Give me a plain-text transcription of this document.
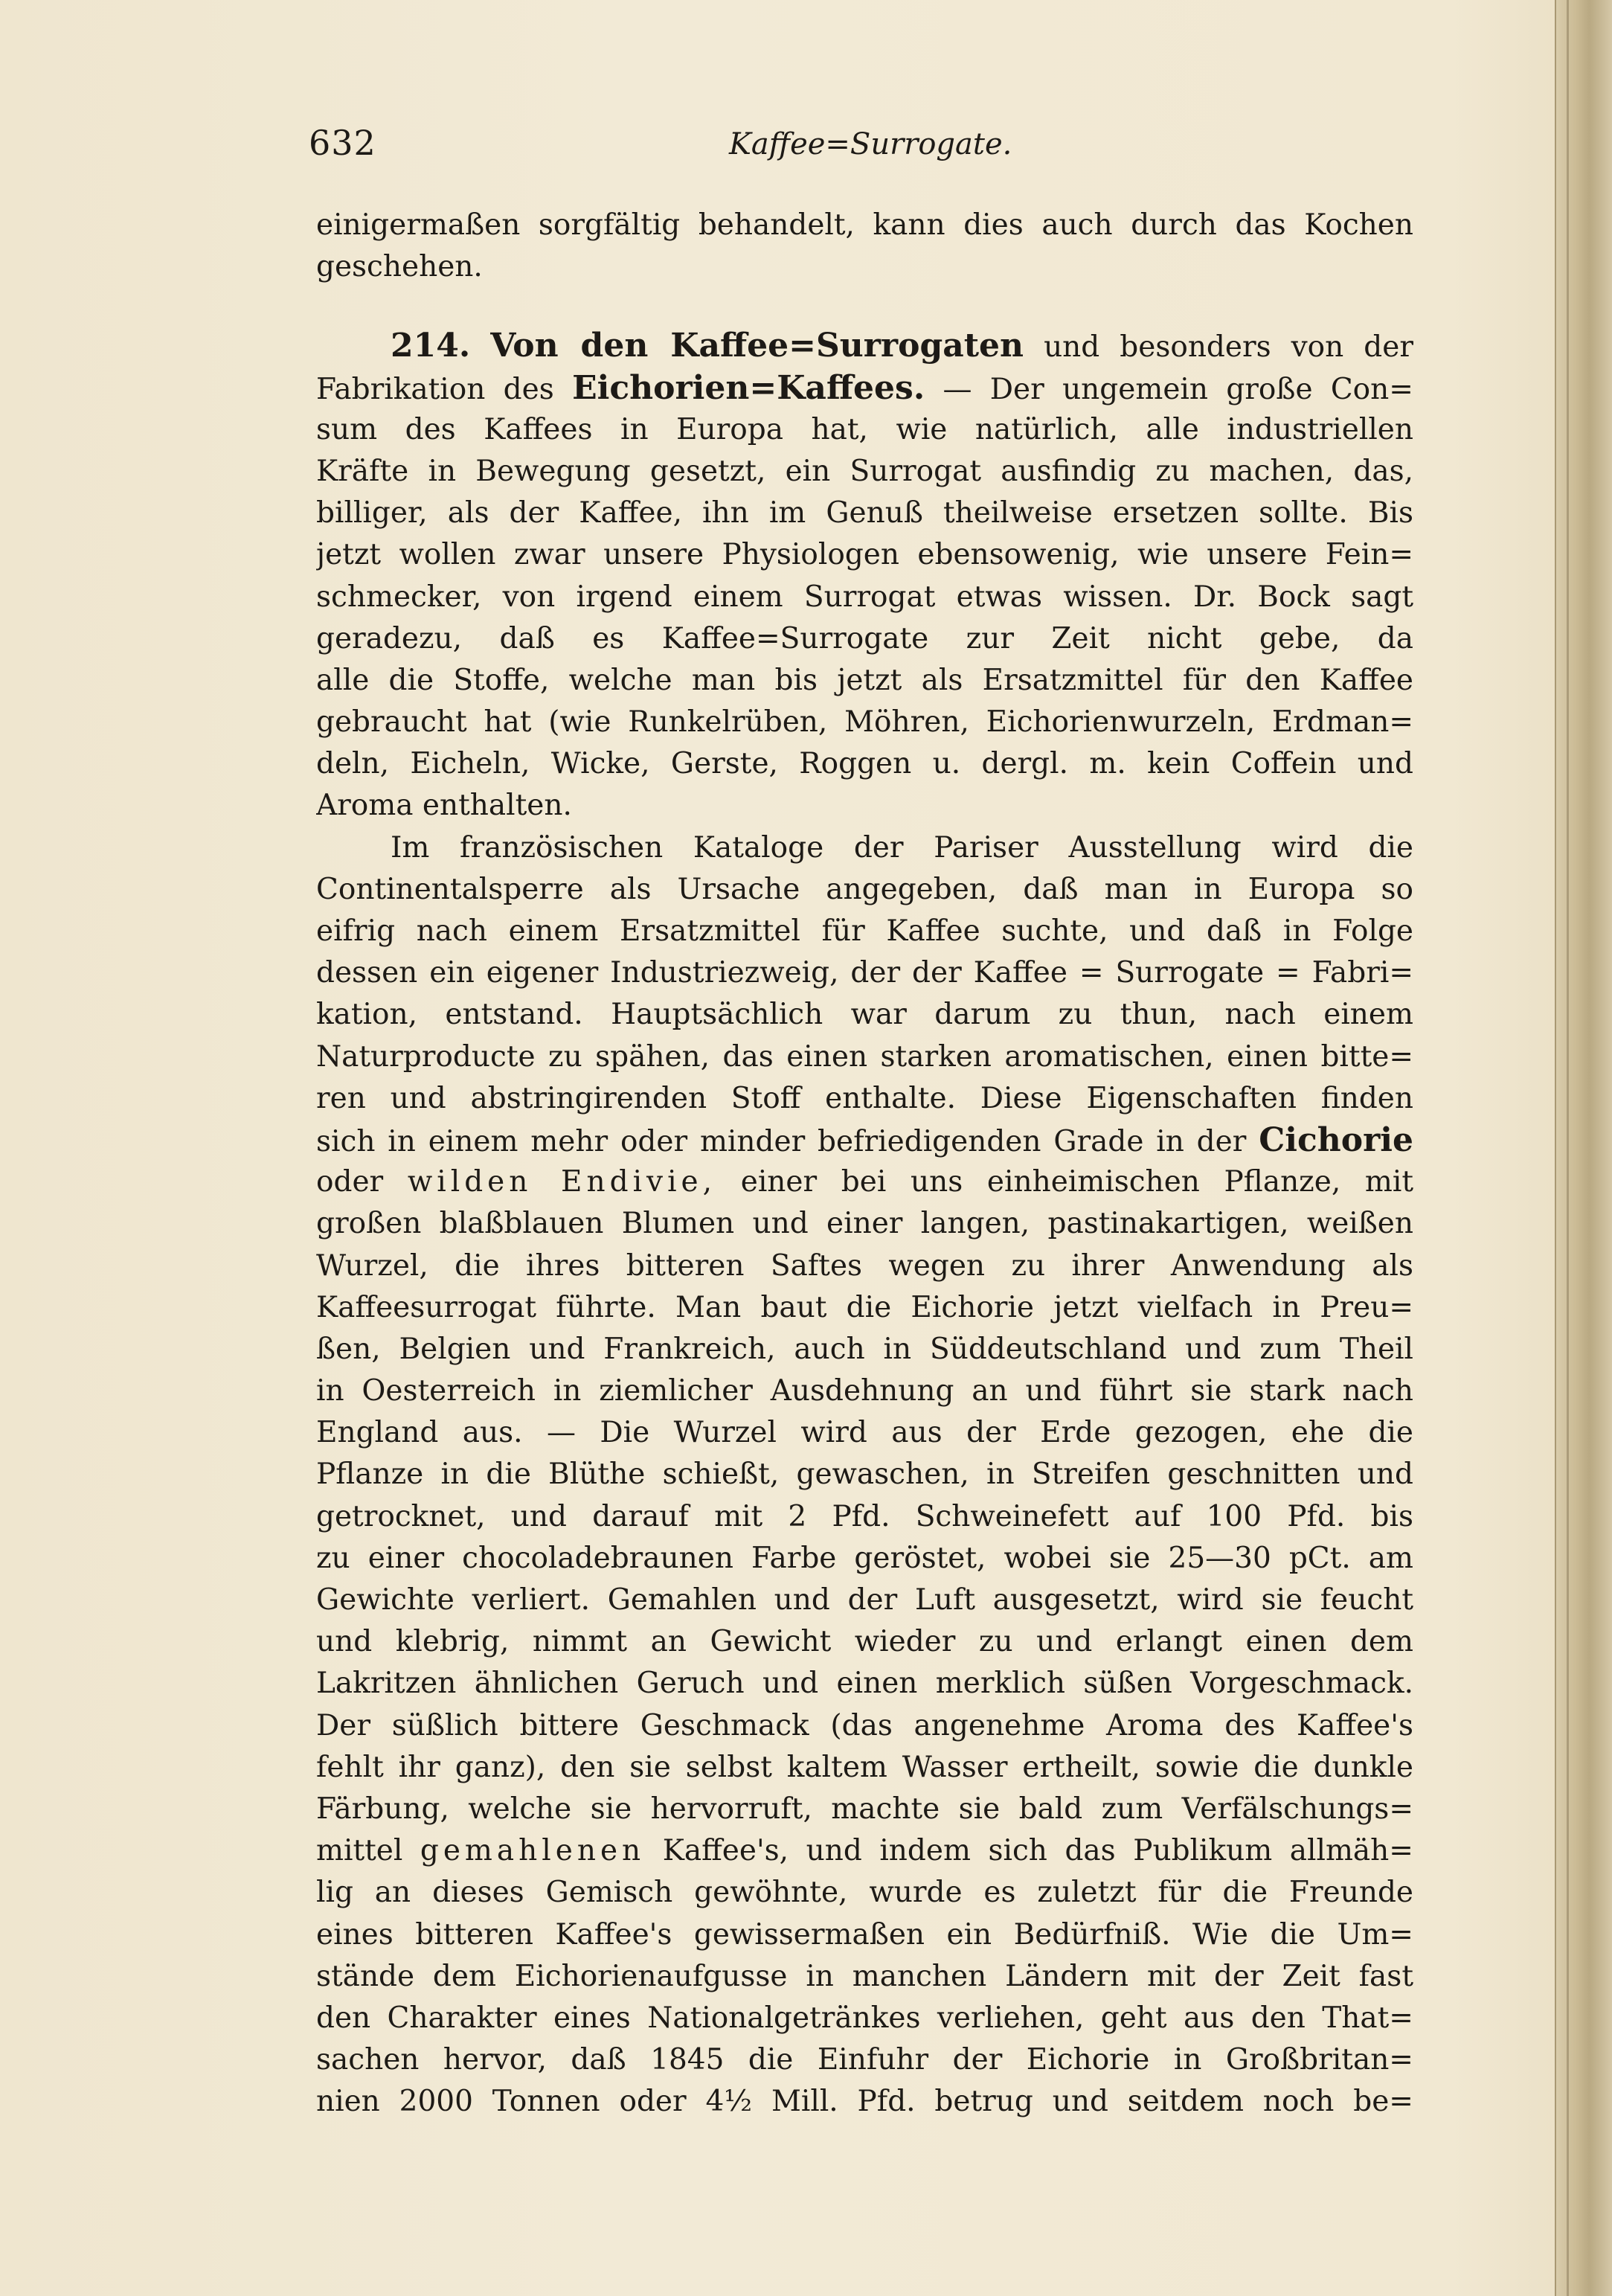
632	Kaffee=Surrogate.
einigermaßen sorgfältig behandelt, kann dies auch durch das Kochen
geschehen.
214. Von den Kaffee=Surrogaten und besonders von der
Fabrikation des Eichorien=Kaffees. — Der ungemein große Con=
sum des Kaffees in Europa hat, wie natürlich, alle industriellen
Kräfte in Bewegung gesetzt, ein Surrogat ausfindig zu machen, das,
billiger, als der Kaffee, ihn im Genuß theilweise ersetzen sollte. Bis
jetzt wollen zwar unsere Physiologen ebensowenig, wie unsere Fein=
schmecker, von irgend einem Surrogat etwas wissen. Dr. Bock sagt
geradezu, daß es Kaffee=Surrogate zur Zeit nicht gebe, da
alle die Stoffe, welche man bis jetzt als Ersatzmittel für den Kaffee
gebraucht hat (wie Runkelrüben, Möhren, Eichorienwurzeln, Erdman=
deln, Eicheln, Wicke, Gerste, Roggen u. dergl. m. kein Coffein und
Aroma enthalten.
Im französischen Kataloge der Pariser Ausstellung wird die
Continentalsperre als Ursache angegeben, daß man in Europa so
eifrig nach einem Ersatzmittel für Kaffee suchte, und daß in Folge
dessen ein eigener Industriezweig, der der Kaffee = Surrogate = Fabri=
kation, entstand. Hauptsächlich war darum zu thun, nach einem
Naturproducte zu spähen, das einen starken aromatischen, einen bitte=
ren und abstringirenden Stoff enthalte. Diese Eigenschaften finden
sich in einem mehr oder minder befriedigenden Grade in der Cichorie
oder wilden Endivie, einer bei uns einheimischen Pflanze, mit
großen blaßblauen Blumen und einer langen, pastinakartigen, weißen
Wurzel, die ihres bitteren Saftes wegen zu ihrer Anwendung als
Kaffeesurrogat führte. Man baut die Eichorie jetzt vielfach in Preu=
ßen, Belgien und Frankreich, auch in Süddeutschland und zum Theil
in Oesterreich in ziemlicher Ausdehnung an und führt sie stark nach
England aus. — Die Wurzel wird aus der Erde gezogen, ehe die
Pflanze in die Blüthe schießt, gewaschen, in Streifen geschnitten und
getrocknet, und darauf mit 2 Pfd. Schweinefett auf 100 Pfd. bis
zu einer chocoladebraunen Farbe geröstet, wobei sie 25—30 pCt. am
Gewichte verliert. Gemahlen und der Luft ausgesetzt, wird sie feucht
und klebrig, nimmt an Gewicht wieder zu und erlangt einen dem
Lakritzen ähnlichen Geruch und einen merklich süßen Vorgeschmack.
Der süßlich bittere Geschmack (das angenehme Aroma des Kaffee's
fehlt ihr ganz), den sie selbst kaltem Wasser ertheilt, sowie die dunkle
Färbung, welche sie hervorruft, machte sie bald zum Verfälschungs=
mittel gemahlenen Kaffee's, und indem sich das Publikum allmäh=
lig an dieses Gemisch gewöhnte, wurde es zuletzt für die Freunde
eines bitteren Kaffee's gewissermaßen ein Bedürfniß. Wie die Um=
stände dem Eichorienaufgusse in manchen Ländern mit der Zeit fast
den Charakter eines Nationalgetränkes verliehen, geht aus den That=
sachen hervor, daß 1845 die Einfuhr der Eichorie in Großbritan=
nien 2000 Tonnen oder 4½ Mill. Pfd. betrug und seitdem noch be=
